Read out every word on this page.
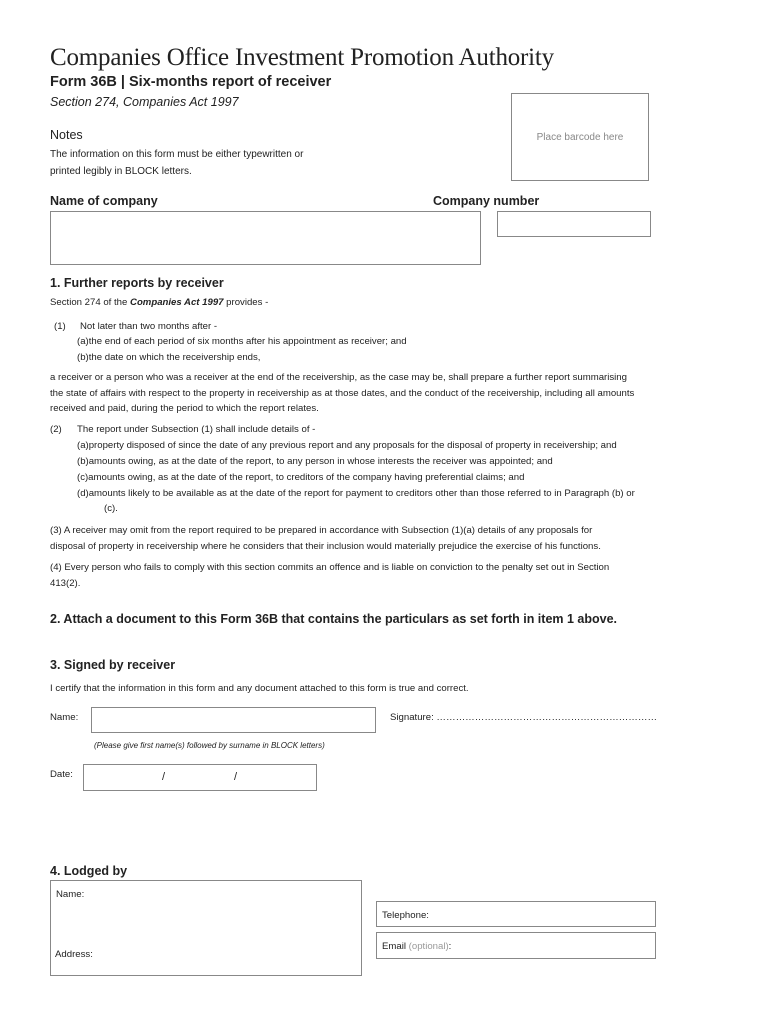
Companies Office Investment Promotion Authority
Form 36B | Six-months report of receiver
Section 274, Companies Act 1997
Notes
The information on this form must be either typewritten or
printed legibly in BLOCK letters.
Place barcode here
Name of company	Company number
1. Further reports by receiver
Section 274 of the Companies Act 1997 provides -
(1) Not later than two months after -
(a)the end of each period of six months after his appointment as receiver; and
(b)the date on which the receivership ends,
a receiver or a person who was a receiver at the end of the receivership, as the case may be, shall prepare a further report summarising
the state of affairs with respect to the property in receivership as at those dates, and the conduct of the receivership, including all amounts
received and paid, during the period to which the report relates.
(2) The report under Subsection (1) shall include details of -
(a)property disposed of since the date of any previous report and any proposals for the disposal of property in receivership; and
(b)amounts owing, as at the date of the report, to any person in whose interests the receiver was appointed; and
(c)amounts owing, as at the date of the report, to creditors of the company having preferential claims; and
(d)amounts likely to be available as at the date of the report for payment to creditors other than those referred to in Paragraph (b) or
(c).
(3) A receiver may omit from the report required to be prepared in accordance with Subsection (1)(a) details of any proposals for
disposal of property in receivership where he considers that their inclusion would materially prejudice the exercise of his functions.
(4) Every person who fails to comply with this section commits an offence and is liable on conviction to the penalty set out in Section
413(2).
2. Attach a document to this Form 36B that contains the particulars as set forth in item 1 above.
3. Signed by receiver
I certify that the information in this form and any document attached to this form is true and correct.
Name:	Signature: ……………………………………………………………
(Please give first name(s) followed by surname in BLOCK letters)
Date:	/	/
4. Lodged by
Name:
Address:
Telephone:
Email (optional):
